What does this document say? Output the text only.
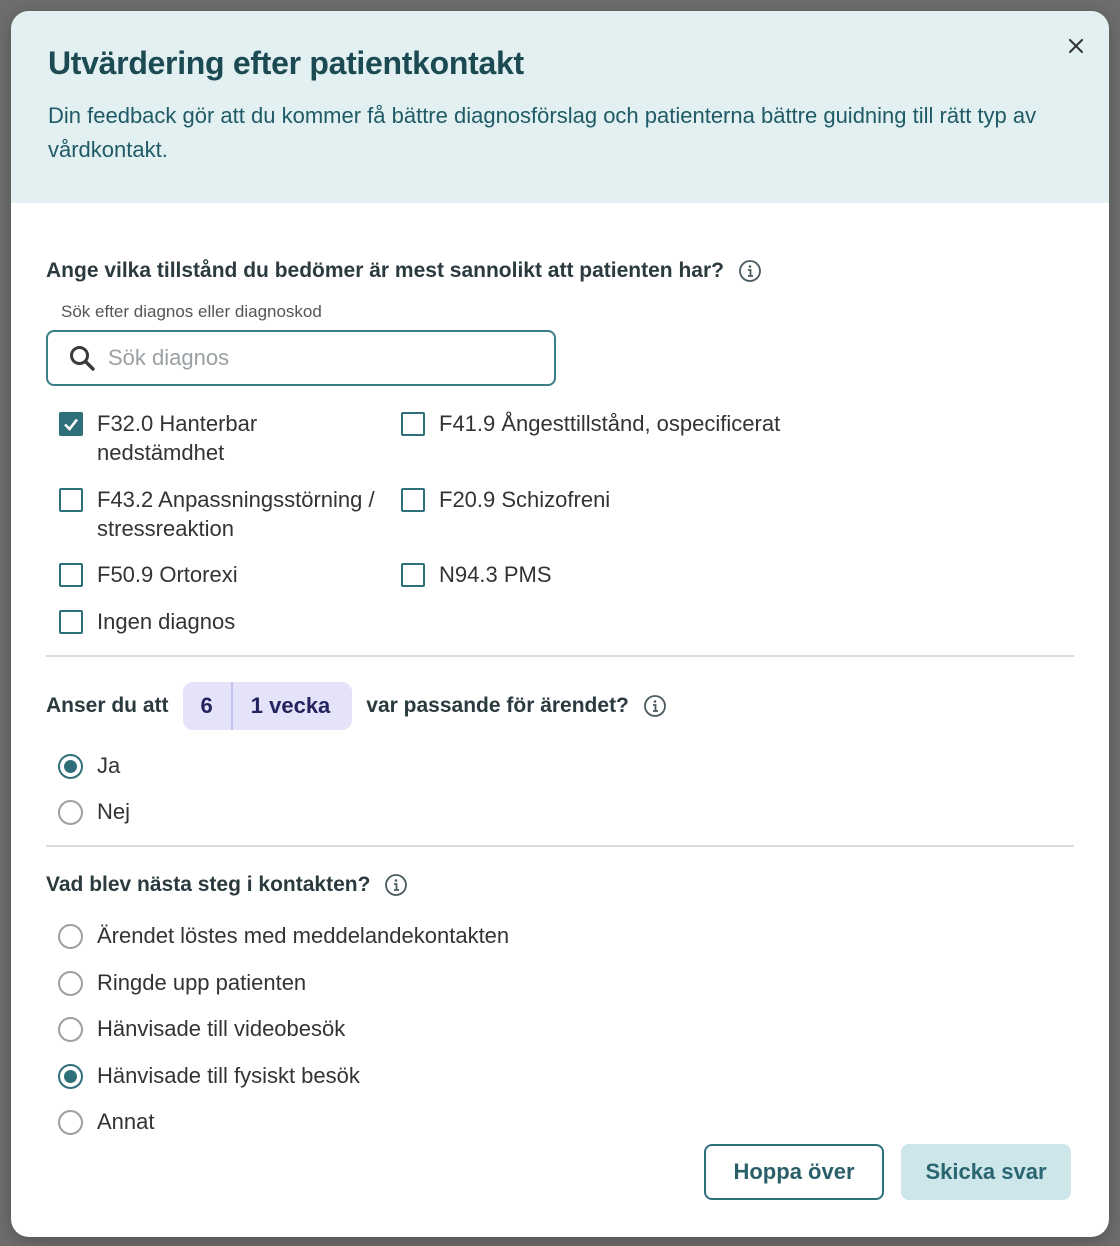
Utvärdering efter patientkontakt

Din feedback gör att du kommer få bättre diagnosförslag och patienterna bättre guidning till rätt typ av vårdkontakt.

Ange vilka tillstånd du bedömer är mest sannolikt att patienten har?
Sök efter diagnos eller diagnoskod
Sök diagnos
F32.0 Hanterbar nedstämdhet
F41.9 Ångesttillstånd, ospecificerat
F43.2 Anpassningsstörning / stressreaktion
F20.9 Schizofreni
F50.9 Ortorexi	N94.3 PMS
Ingen diagnos
Anser du att	6	1 vecka	var passande för ärendet?
Ja
Nej
Vad blev nästa steg i kontakten?
Ärendet löstes med meddelandekontakten
Ringde upp patienten
Hänvisade till videobesök
Hänvisade till fysiskt besök
Annat
Hoppa över	Skicka svar
